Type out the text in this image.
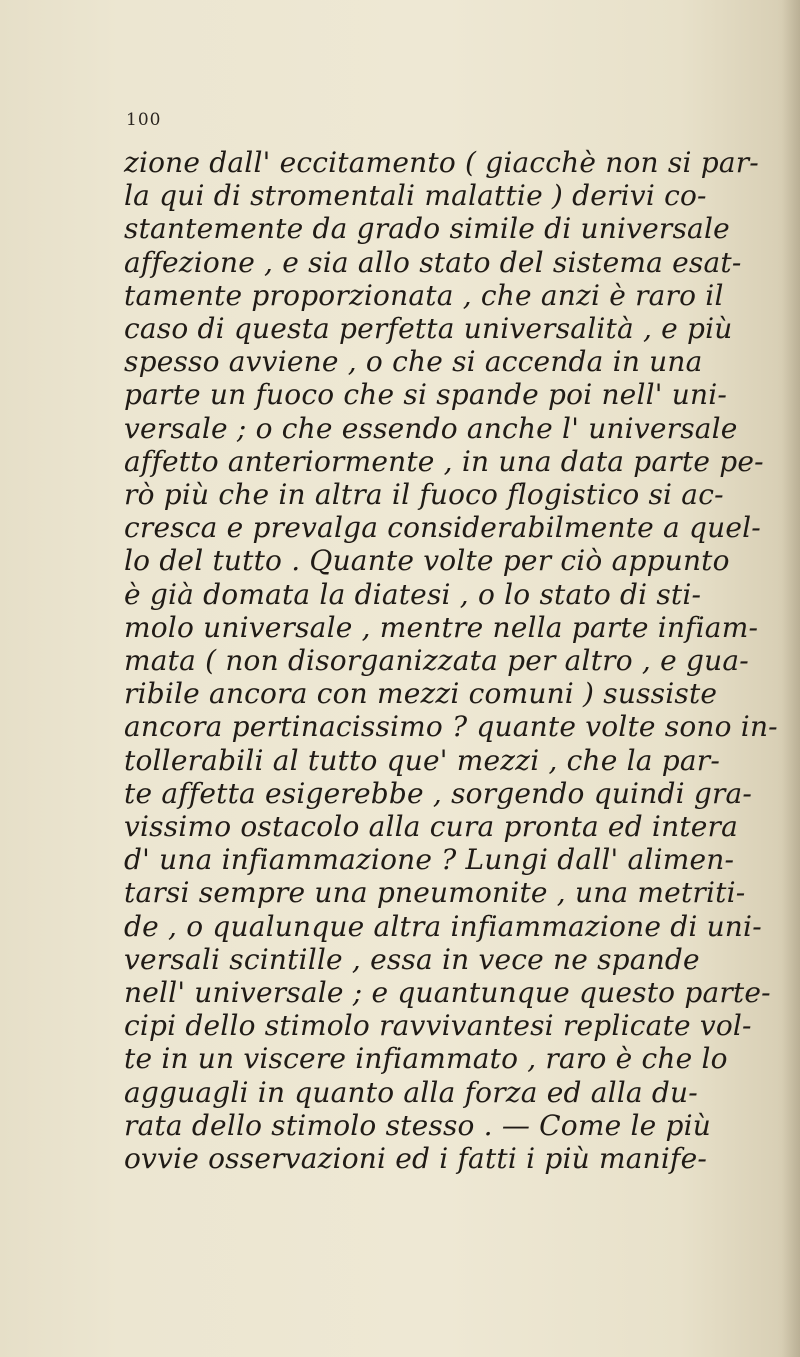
100
zione dall' eccitamento ( giacchè non si par-
la qui di stromentali malattie ) derivi co-
stantemente da grado simile di universale
affezione , e sia allo stato del sistema esat-
tamente proporzionata , che anzi è raro il
caso di questa perfetta universalità , e più
spesso avviene , o che si accenda in una
parte un fuoco che si spande poi nell' uni-
versale ; o che essendo anche l' universale
affetto anteriormente , in una data parte pe-
rò più che in altra il fuoco flogistico si ac-
cresca e prevalga considerabilmente a quel-
lo del tutto . Quante volte per ciò appunto
è già domata la diatesi , o lo stato di sti-
molo universale , mentre nella parte infiam-
mata ( non disorganizzata per altro , e gua-
ribile ancora con mezzi comuni ) sussiste
ancora pertinacissimo ? quante volte sono in-
tollerabili al tutto que' mezzi , che la par-
te affetta esigerebbe , sorgendo quindi gra-
vissimo ostacolo alla cura pronta ed intera
d' una infiammazione ? Lungi dall' alimen-
tarsi sempre una pneumonite , una metriti-
de , o qualunque altra infiammazione di uni-
versali scintille , essa in vece ne spande
nell' universale ; e quantunque questo parte-
cipi dello stimolo ravvivantesi replicate vol-
te in un viscere infiammato , raro è che lo
agguagli in quanto alla forza ed alla du-
rata dello stimolo stesso . — Come le più
ovvie osservazioni ed i fatti i più manife-
